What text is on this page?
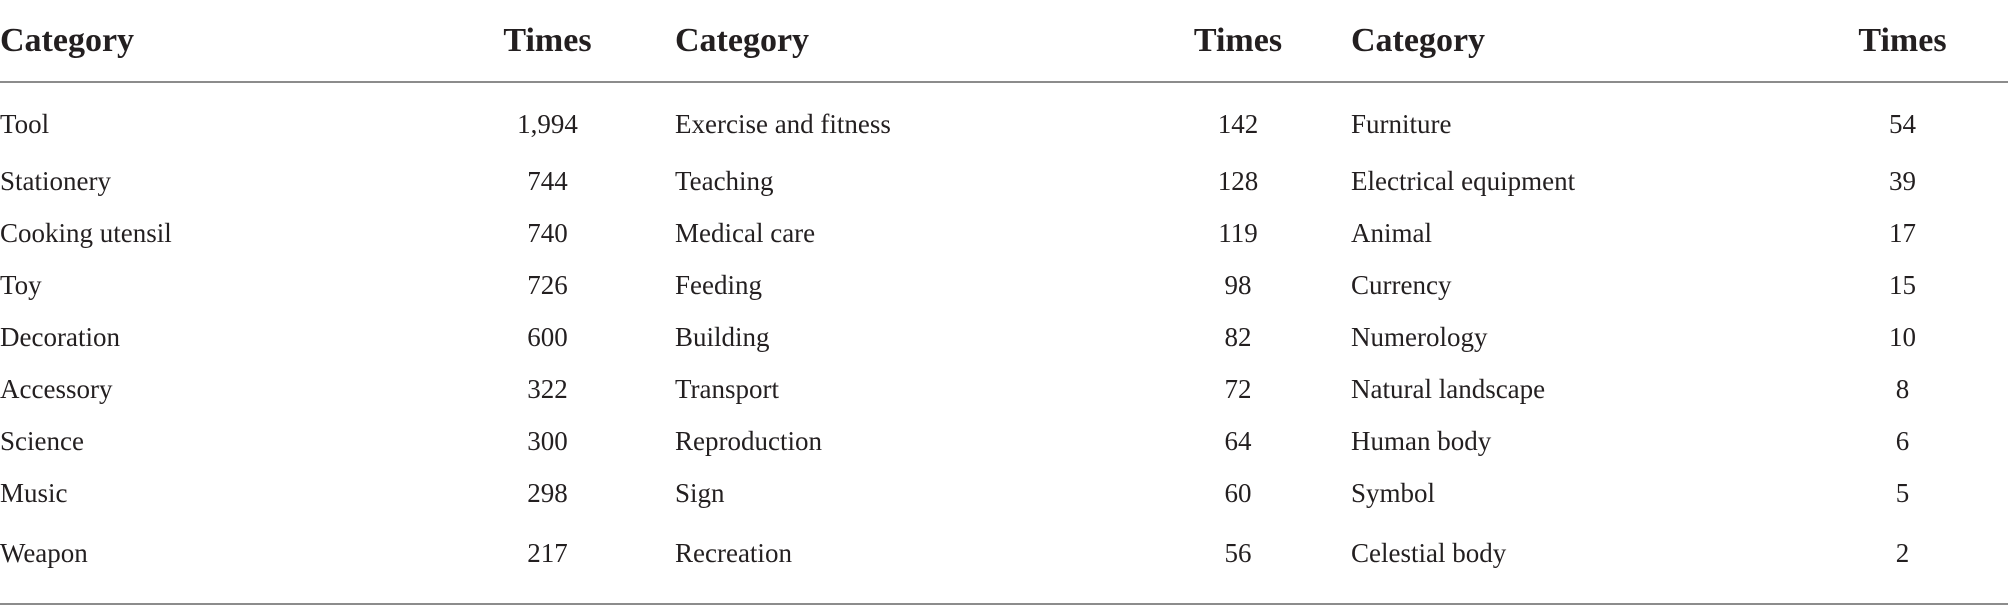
Category	Times	Category	Times	Category	Times
Tool	1,994	Exercise and fitness	142	Furniture	54
Stationery	744	Teaching	128	Electrical equipment	39
Cooking utensil	740	Medical care	119	Animal	17
Toy	726	Feeding	98	Currency	15
Decoration	600	Building	82	Numerology	10
Accessory	322	Transport	72	Natural landscape	8
Science	300	Reproduction	64	Human body	6
Music	298	Sign	60	Symbol	5
Weapon	217	Recreation	56	Celestial body	2
